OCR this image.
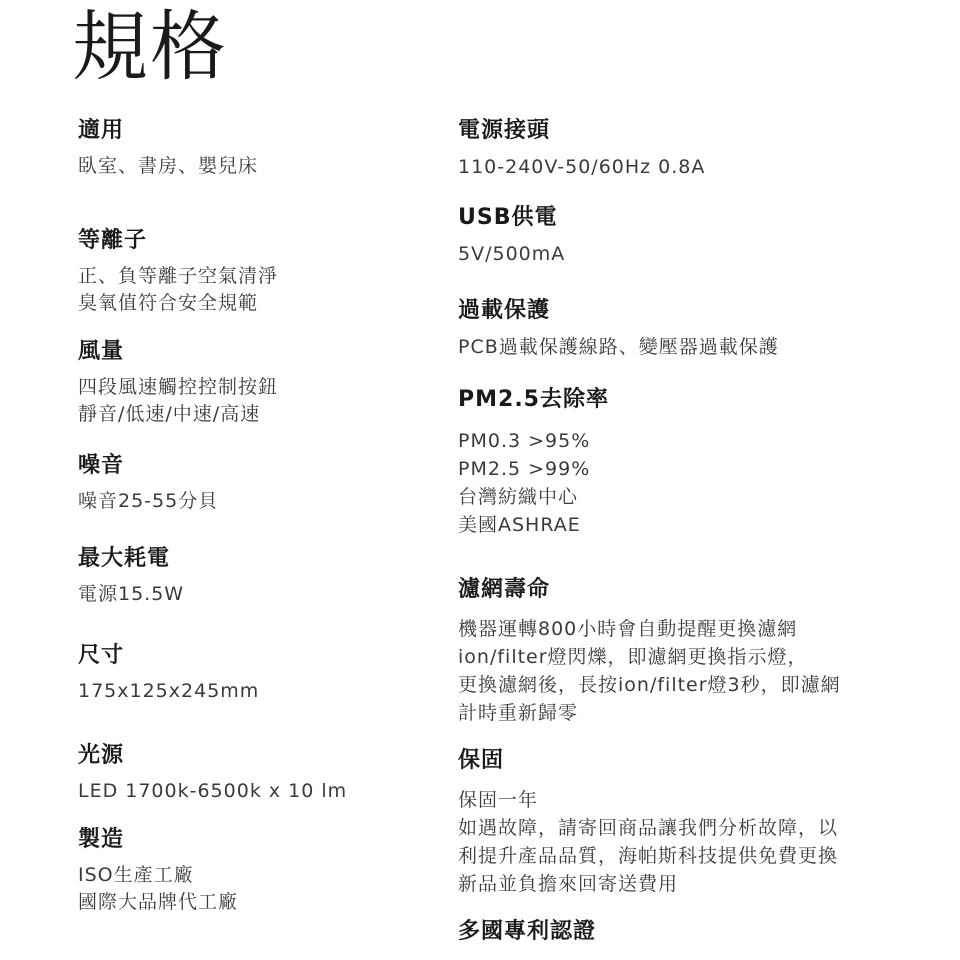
規格
適用
臥室、書房、嬰兒床
等離子
正、負等離子空氣清淨
臭氧值符合安全規範
風量
四段風速觸控控制按鈕
靜音/低速/中速/高速
噪音
噪音25-55分貝
最大耗電
電源15.5W
尺寸
175x125x245mm
光源
LED 1700k-6500k x 10 lm
製造
ISO生產工廠
國際大品牌代工廠
電源接頭
110-240V-50/60Hz 0.8A
USB供電
5V/500mA
過載保護
PCB過載保護線路、變壓器過載保護
PM2.5去除率
PM0.3 >95%
PM2.5 >99%
台灣紡織中心
美國ASHRAE
濾網壽命
機器運轉800小時會自動提醒更換濾網
ion/filter燈閃爍，即濾網更換指示燈，
更換濾網後，長按ion/filter燈3秒，即濾網
計時重新歸零
保固
保固一年
如遇故障，請寄回商品讓我們分析故障，以
利提升產品品質，海帕斯科技提供免費更換
新品並負擔來回寄送費用
多國專利認證
